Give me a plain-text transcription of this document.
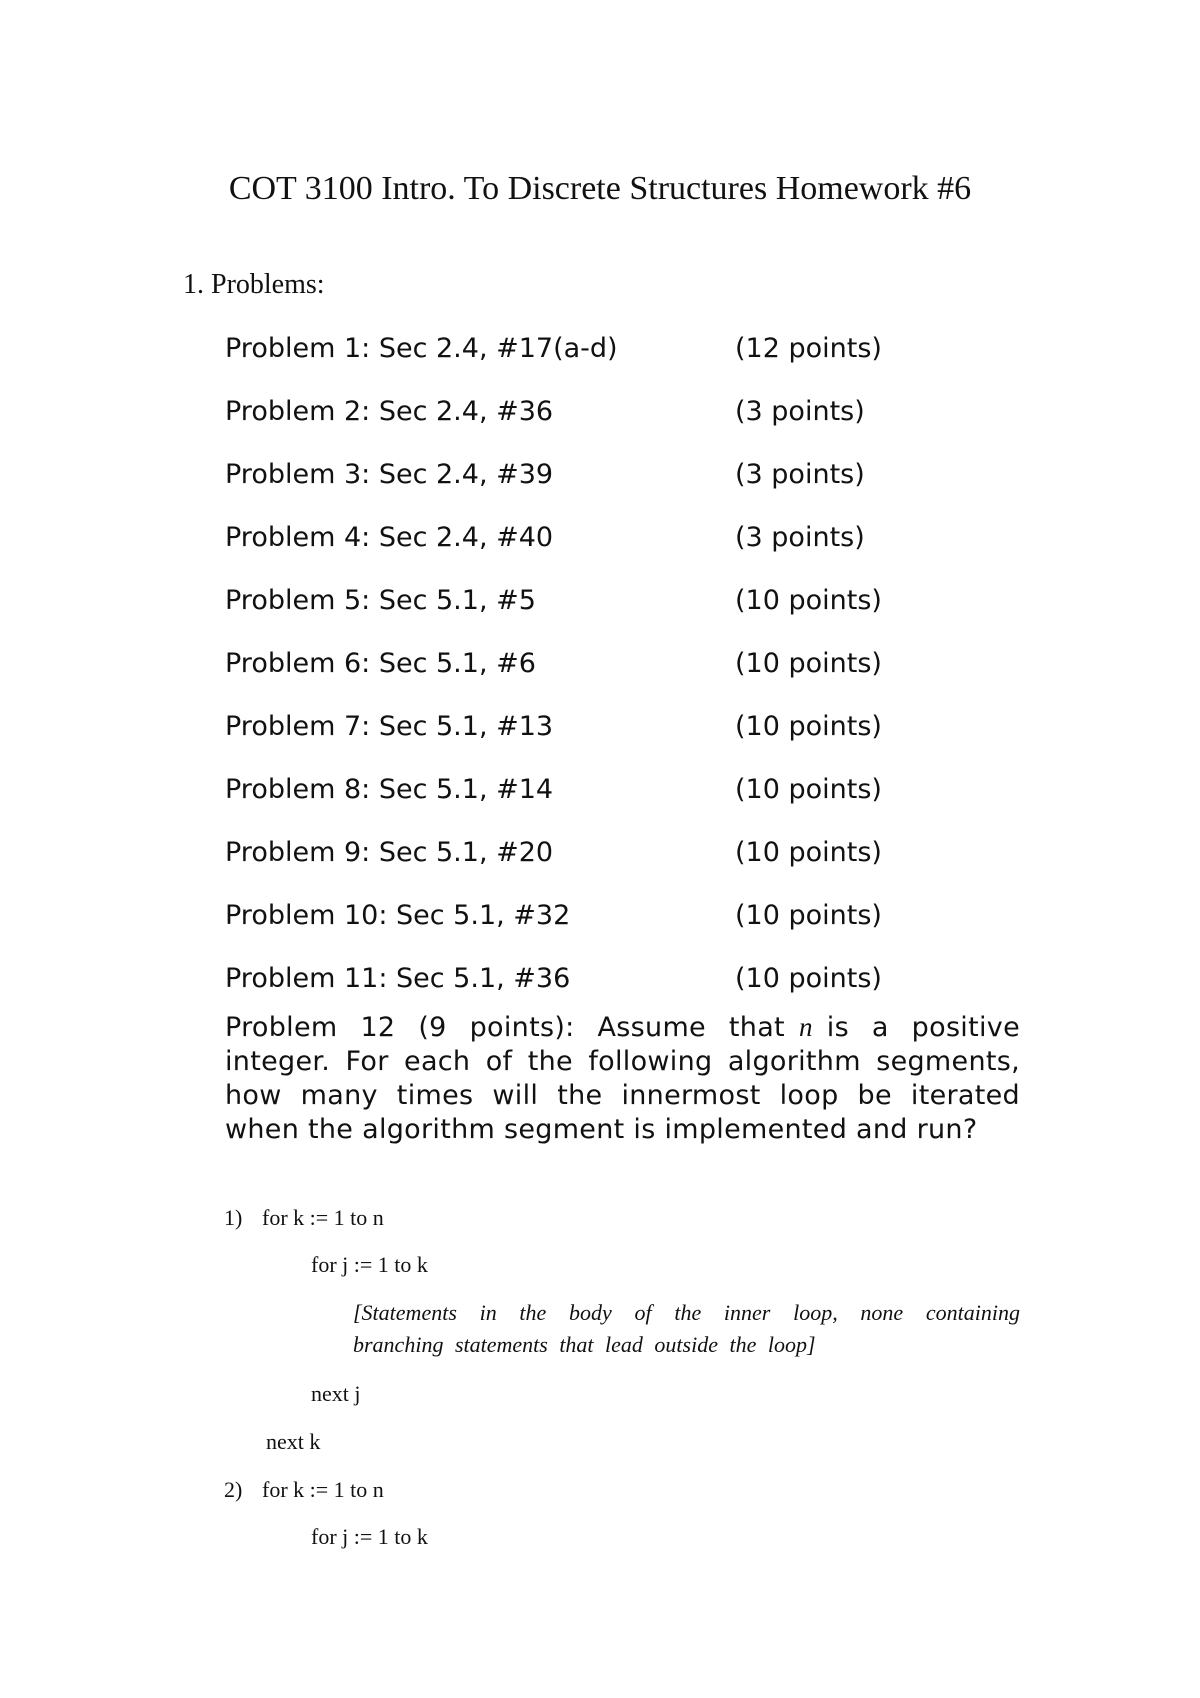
COT 3100 Intro. To Discrete Structures Homework #6
1. Problems:
Problem 1: Sec 2.4, #17(a-d)	(12 points)
Problem 2: Sec 2.4, #36	(3 points)
Problem 3: Sec 2.4, #39	(3 points)
Problem 4: Sec 2.4, #40	(3 points)
Problem 5: Sec 5.1, #5	(10 points)
Problem 6: Sec 5.1, #6	(10 points)
Problem 7: Sec 5.1, #13	(10 points)
Problem 8: Sec 5.1, #14	(10 points)
Problem 9: Sec 5.1, #20	(10 points)
Problem 10: Sec 5.1, #32	(10 points)
Problem 11: Sec 5.1, #36	(10 points)
Problem 12 (9 points): Assume that n is a positive integer. For each of the following algorithm segments, how many times will the innermost loop be iterated when the algorithm segment is implemented and run?
1) for k := 1 to n
for j := 1 to k
[Statements in the body of the inner loop, none containing branching statements that lead outside the loop]
next j
next k
2) for k := 1 to n
for j := 1 to k
